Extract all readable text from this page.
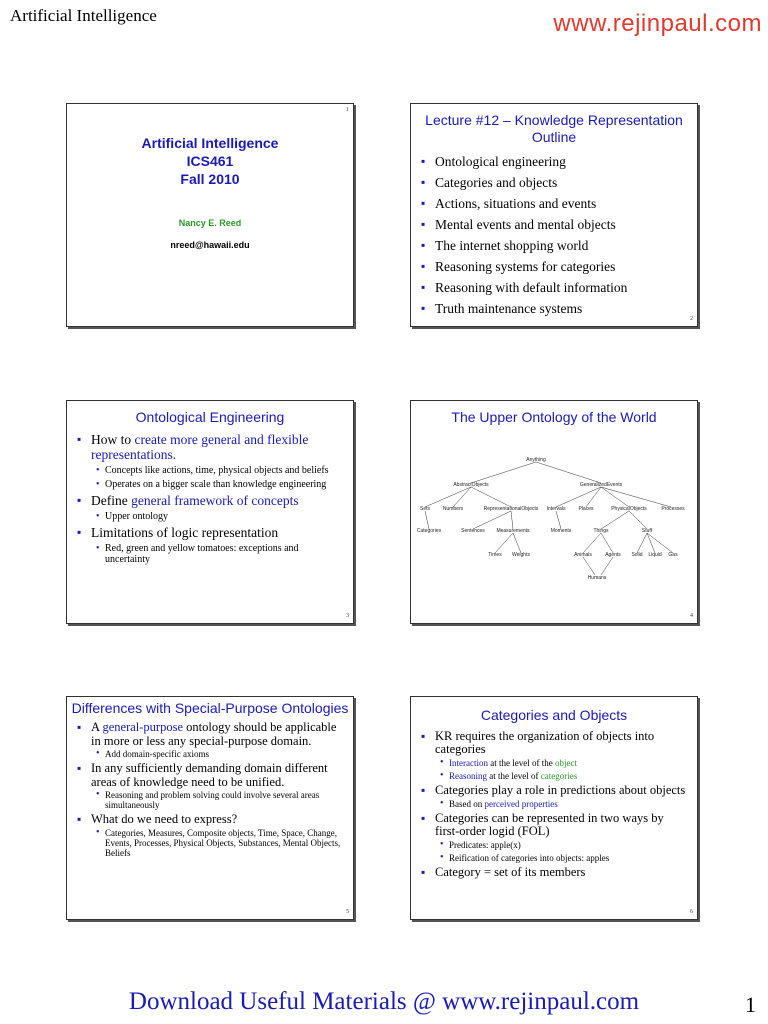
Artificial Intelligence	www.rejinpaul.com
Artificial Intelligence
ICS461
Fall 2010
Nancy E. Reed
nreed@hawaii.edu
1
Lecture #12 – Knowledge Representation Outline
▪ Ontological engineering
▪ Categories and objects
▪ Actions, situations and events
▪ Mental events and mental objects
▪ The internet shopping world
▪ Reasoning systems for categories
▪ Reasoning with default information
▪ Truth maintenance systems
2
Ontological Engineering
▪ How to create more general and flexible representations.
• Concepts like actions, time, physical objects and beliefs
• Operates on a bigger scale than knowledge engineering
▪ Define general framework of concepts
• Upper ontology
▪ Limitations of logic representation
• Red, green and yellow tomatoes: exceptions and uncertainty
3
The Upper Ontology of the World
Anything
AbstractObjects	GeneralizedEvents
Sets	Numbers	RepresentationalObjects Intervals	Places	PhysicalObjects	Processes
Categories	Sentences Measurements	Moments	Things	Stuff
Times Weights	Animals	Agents Solid Liquid Gas
Humans
4
Differences with Special-Purpose Ontologies
▪ A general-purpose ontology should be applicable in more or less any special-purpose domain.
• Add domain-specific axioms
▪ In any sufficiently demanding domain different areas of knowledge need to be unified.
• Reasoning and problem solving could involve several areas simultaneously
▪ What do we need to express?
• Categories, Measures, Composite objects, Time, Space, Change, Events, Processes, Physical Objects, Substances, Mental Objects, Beliefs
5
Categories and Objects
▪ KR requires the organization of objects into categories
• Interaction at the level of the object
• Reasoning at the level of categories
▪ Categories play a role in predictions about objects
• Based on perceived properties
▪ Categories can be represented in two ways by first-order logid (FOL)
• Predicates: apple(x)
• Reification of categories into objects: apples
▪ Category = set of its members
6
Download Useful Materials @ www.rejinpaul.com	1
